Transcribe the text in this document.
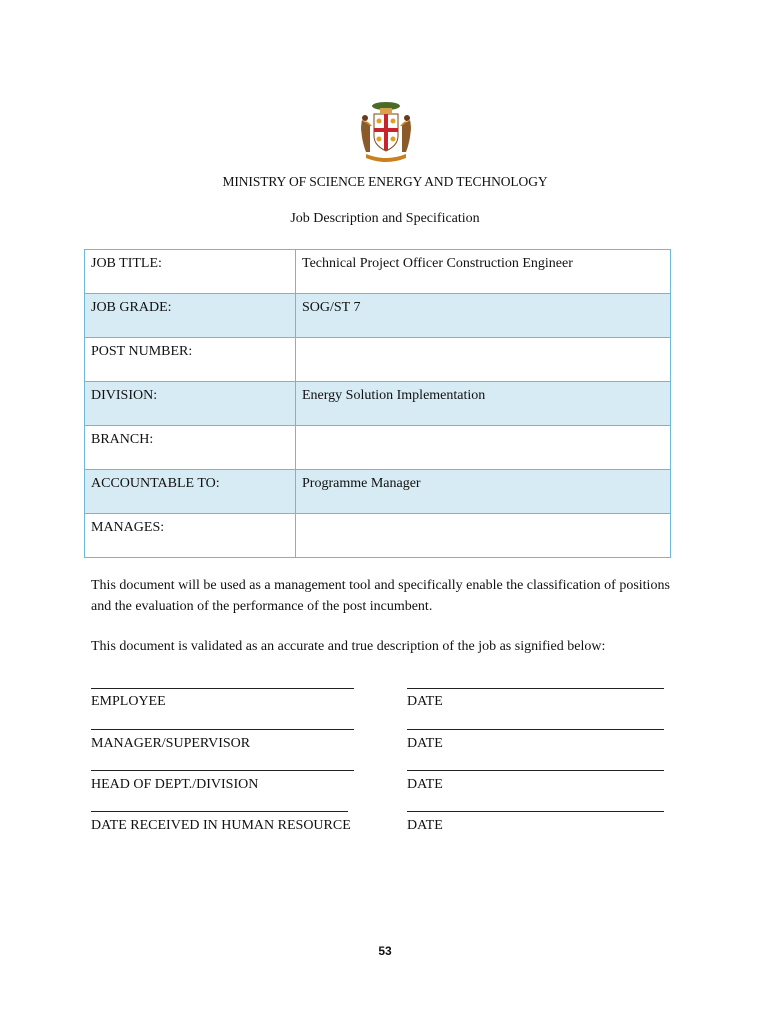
MINISTRY OF SCIENCE ENERGY AND TECHNOLOGY
Job Description and Specification
JOB TITLE:	Technical Project Officer Construction Engineer
JOB GRADE:	SOG/ST 7
POST NUMBER:	
DIVISION:	Energy Solution Implementation
BRANCH:	
ACCOUNTABLE TO:	Programme Manager
MANAGES:	
This document will be used as a management tool and specifically enable the classification of positions and the evaluation of the performance of the post incumbent.
This document is validated as an accurate and true description of the job as signified below:
EMPLOYEE	DATE
MANAGER/SUPERVISOR	DATE
HEAD OF DEPT./DIVISION	DATE
DATE RECEIVED IN HUMAN RESOURCE	DATE
53
